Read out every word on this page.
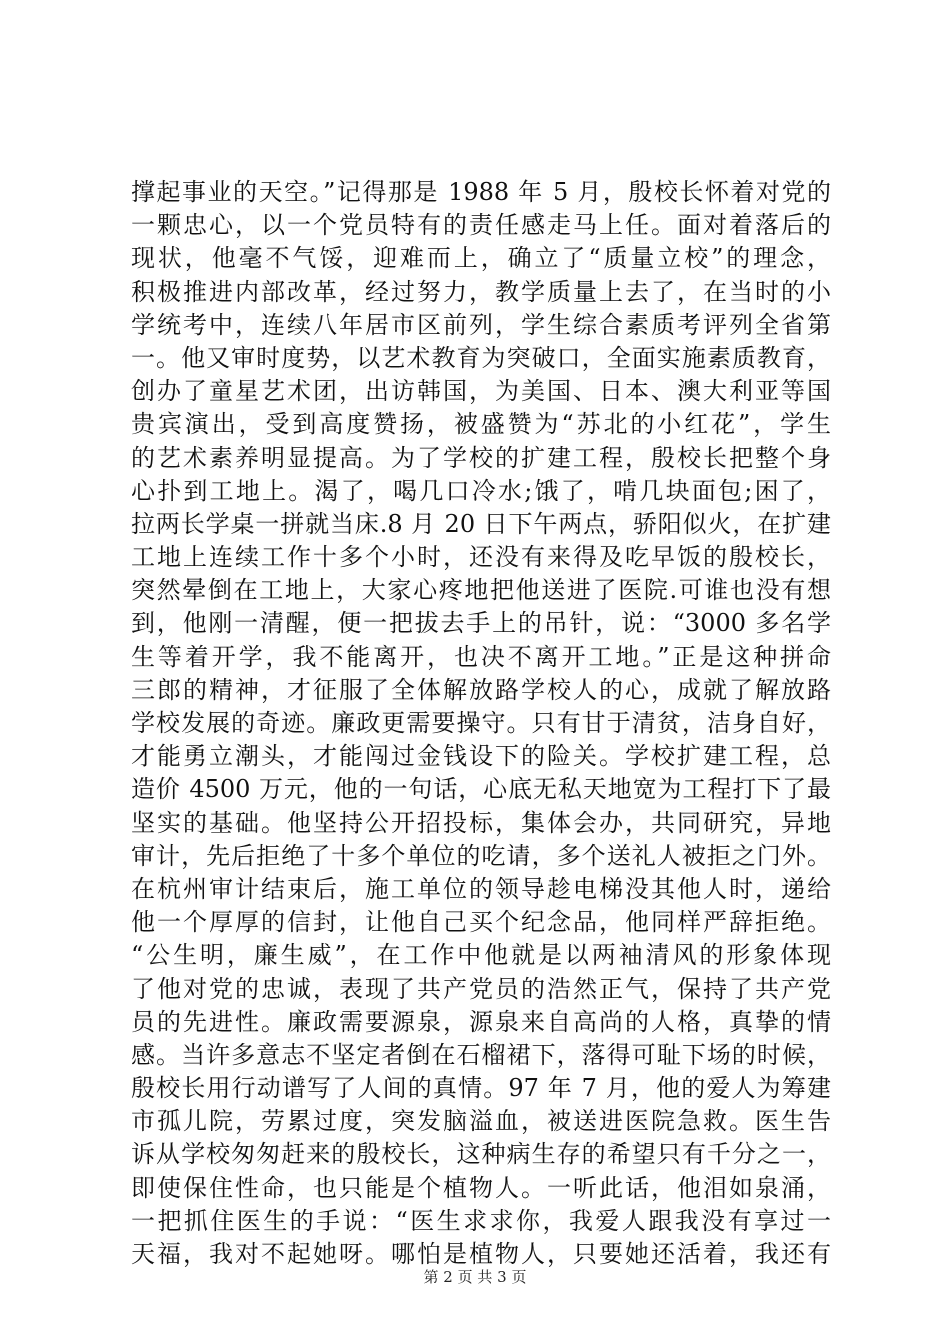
撑起事业的天空。”记得那是 1988 年 5 月，殷校长怀着对党的
一颗忠心，以一个党员特有的责任感走马上任。面对着落后的
现状，他毫不气馁，迎难而上，确立了“质量立校”的理念，
积极推进内部改革，经过努力，教学质量上去了，在当时的小
学统考中，连续八年居市区前列，学生综合素质考评列全省第
一。他又审时度势，以艺术教育为突破口，全面实施素质教育，
创办了童星艺术团，出访韩国，为美国、日本、澳大利亚等国
贵宾演出，受到高度赞扬，被盛赞为“苏北的小红花”，学生
的艺术素养明显提高。为了学校的扩建工程，殷校长把整个身
心扑到工地上。渴了，喝几口冷水;饿了，啃几块面包;困了，
拉两长学桌一拼就当床.8 月 20 日下午两点，骄阳似火，在扩建
工地上连续工作十多个小时，还没有来得及吃早饭的殷校长，
突然晕倒在工地上，大家心疼地把他送进了医院.可谁也没有想
到，他刚一清醒，便一把拔去手上的吊针，说：“3000 多名学
生等着开学，我不能离开，也决不离开工地。”正是这种拼命
三郎的精神，才征服了全体解放路学校人的心，成就了解放路
学校发展的奇迹。廉政更需要操守。只有甘于清贫，洁身自好，
才能勇立潮头，才能闯过金钱设下的险关。学校扩建工程，总
造价 4500 万元，他的一句话，心底无私天地宽为工程打下了最
坚实的基础。他坚持公开招投标，集体会办，共同研究，异地
审计，先后拒绝了十多个单位的吃请，多个送礼人被拒之门外。
在杭州审计结束后，施工单位的领导趁电梯没其他人时，递给
他一个厚厚的信封，让他自己买个纪念品，他同样严辞拒绝。
“公生明，廉生威”，在工作中他就是以两袖清风的形象体现
了他对党的忠诚，表现了共产党员的浩然正气，保持了共产党
员的先进性。廉政需要源泉，源泉来自高尚的人格，真挚的情
感。当许多意志不坚定者倒在石榴裙下，落得可耻下场的时候，
殷校长用行动谱写了人间的真情。97 年 7 月，他的爱人为筹建
市孤儿院，劳累过度，突发脑溢血，被送进医院急救。医生告
诉从学校匆匆赶来的殷校长，这种病生存的希望只有千分之一，
即使保住性命，也只能是个植物人。一听此话，他泪如泉涌，
一把抓住医生的手说：“医生求求你，我爱人跟我没有享过一
天福，我对不起她呀。哪怕是植物人，只要她还活着，我还有
第 2 页 共 3 页
